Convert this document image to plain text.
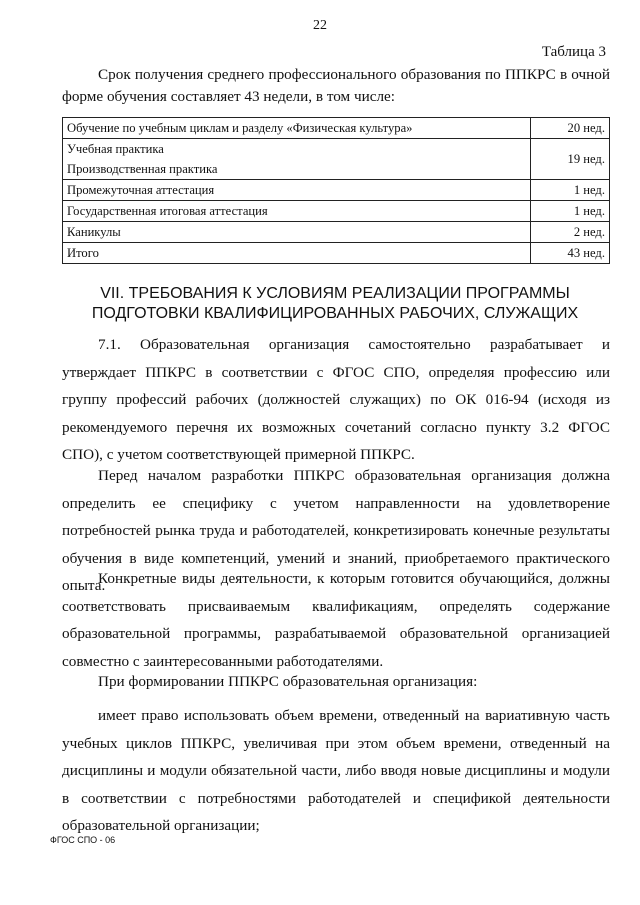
22
Таблица 3
Срок получения среднего профессионального образования по ППКРС в очной форме обучения составляет 43 недели, в том числе:
Обучение по учебным циклам и разделу «Физическая культура»	20 нед.
Учебная практика	19 нед.
Производственная практика	
Промежуточная аттестация	1 нед.
Государственная итоговая аттестация	1 нед.
Каникулы	2 нед.
Итого	43 нед.
VII. ТРЕБОВАНИЯ К УСЛОВИЯМ РЕАЛИЗАЦИИ ПРОГРАММЫ
ПОДГОТОВКИ КВАЛИФИЦИРОВАННЫХ РАБОЧИХ, СЛУЖАЩИХ
7.1. Образовательная организация самостоятельно разрабатывает и утверждает ППКРС в соответствии с ФГОС СПО, определяя профессию или группу профессий рабочих (должностей служащих) по ОК 016-94 (исходя из рекомендуемого перечня их возможных сочетаний согласно пункту 3.2 ФГОС СПО), с учетом соответствующей примерной ППКРС.
Перед началом разработки ППКРС образовательная организация должна определить ее специфику с учетом направленности на удовлетворение потребностей рынка труда и работодателей, конкретизировать конечные результаты обучения в виде компетенций, умений и знаний, приобретаемого практического опыта.
Конкретные виды деятельности, к которым готовится обучающийся, должны соответствовать присваиваемым квалификациям, определять содержание образовательной программы, разрабатываемой образовательной организацией совместно с заинтересованными работодателями.
При формировании ППКРС образовательная организация:
имеет право использовать объем времени, отведенный на вариативную часть учебных циклов ППКРС, увеличивая при этом объем времени, отведенный на дисциплины и модули обязательной части, либо вводя новые дисциплины и модули в соответствии с потребностями работодателей и спецификой деятельности образовательной организации;
ФГОС СПО - 06
